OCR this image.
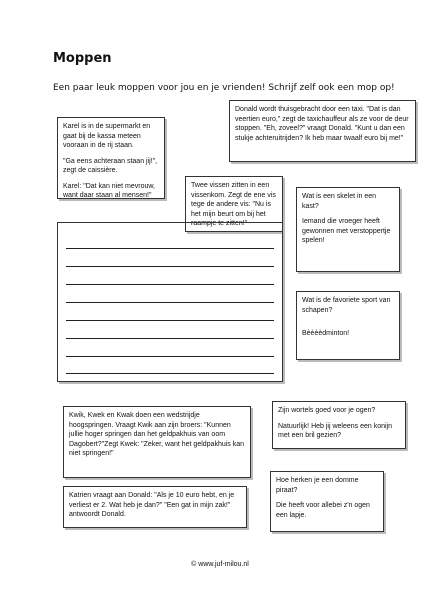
Moppen
Een paar leuk moppen voor jou en je vrienden! Schrijf zelf ook een mop op!

Karel is in de supermarkt en gaat bij de kassa meteen vooraan in de rij staan.

"Ga eens achteraan staan jij!", zegt de caissière.

Karel: "Dat kan niet mevrouw, want daar staan al mensen!"

Donald wordt thuisgebracht door een taxi. "Dat is dan veertien euro," zegt de taxichauffeur als ze voor de deur stoppen. "Eh, zoveel?" vraagt Donald. "Kunt u dan een stukje achteruitrijden? Ik heb maar twaalf euro bij me!"

Twee vissen zitten in een vissenkom. Zegt de ene vis tege de andere vis: "Nu is het mijn beurt om bij het raampje te zitten!"

Wat is een skelet in een kast?

Iemand die vroeger heeft gewonnen met verstoppertje spelen!

Wat is de favoriete sport van schapen?

Bèèèèdminton!

Kwik, Kwek en Kwak doen een wedstrijdje hoogspringen. Vraagt Kwik aan zijn broers: "Kunnen jullie hoger springen dan het geldpakhuis van oom Dagobert?"Zegt Kwek: "Zeker, want het geldpakhuis kan niet springen!"

Zijn wortels goed voor je ogen?

Natuurlijk! Heb jij weleens een konijn met een bril gezien?

Katrien vraagt aan Donald: "Als je 10 euro hebt, en je verliest er 2. Wat heb je dan?" "Een gat in mijn zak!" antwoordt Donald.

Hoe herken je een domme piraat?

Die heeft voor allebei z'n ogen een lapje.

© www.juf-milou.nl
